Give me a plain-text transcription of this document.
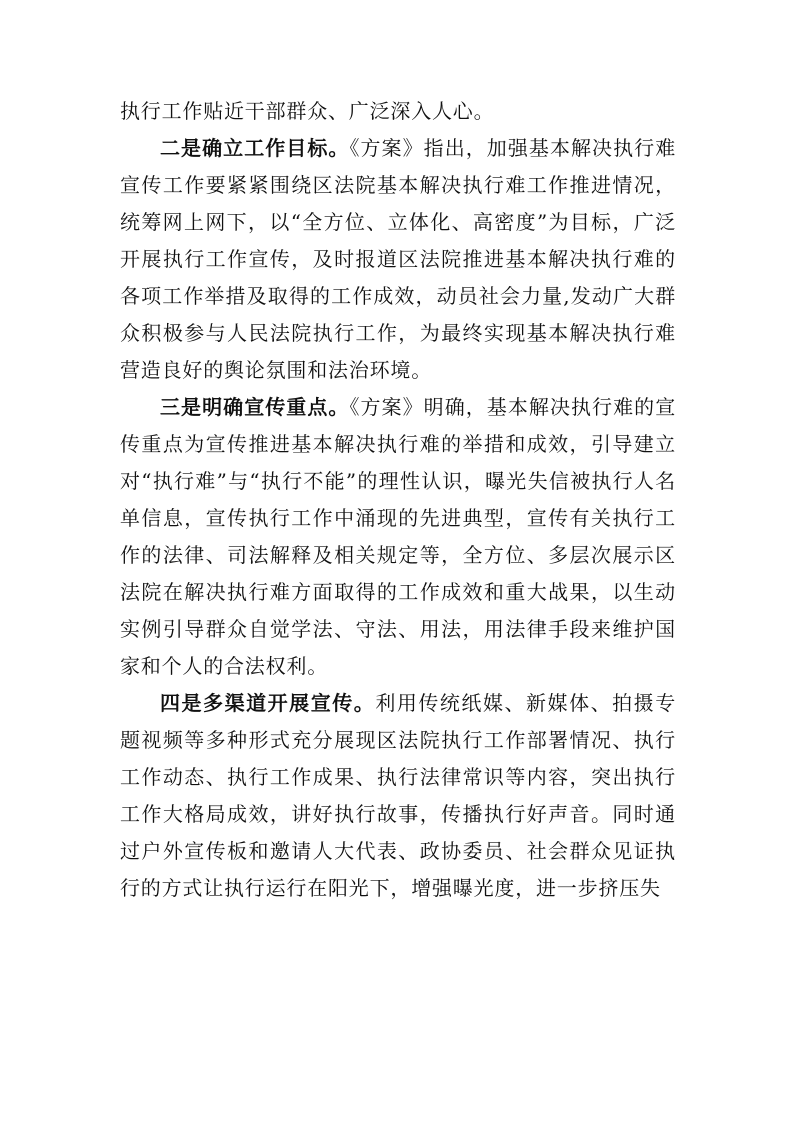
执行工作贴近干部群众、广泛深入人心。

二是确立工作目标。《方案》指出，加强基本解决执行难宣传工作要紧紧围绕区法院基本解决执行难工作推进情况，统筹网上网下，以“全方位、立体化、高密度”为目标，广泛开展执行工作宣传，及时报道区法院推进基本解决执行难的各项工作举措及取得的工作成效，动员社会力量,发动广大群众积极参与人民法院执行工作，为最终实现基本解决执行难营造良好的舆论氛围和法治环境。

三是明确宣传重点。《方案》明确，基本解决执行难的宣传重点为宣传推进基本解决执行难的举措和成效，引导建立对“执行难”与“执行不能”的理性认识，曝光失信被执行人名单信息，宣传执行工作中涌现的先进典型，宣传有关执行工作的法律、司法解释及相关规定等，全方位、多层次展示区法院在解决执行难方面取得的工作成效和重大战果，以生动实例引导群众自觉学法、守法、用法，用法律手段来维护国家和个人的合法权利。

四是多渠道开展宣传。利用传统纸媒、新媒体、拍摄专题视频等多种形式充分展现区法院执行工作部署情况、执行工作动态、执行工作成果、执行法律常识等内容，突出执行工作大格局成效，讲好执行故事，传播执行好声音。同时通过户外宣传板和邀请人大代表、政协委员、社会群众见证执行的方式让执行运行在阳光下，增强曝光度，进一步挤压失
